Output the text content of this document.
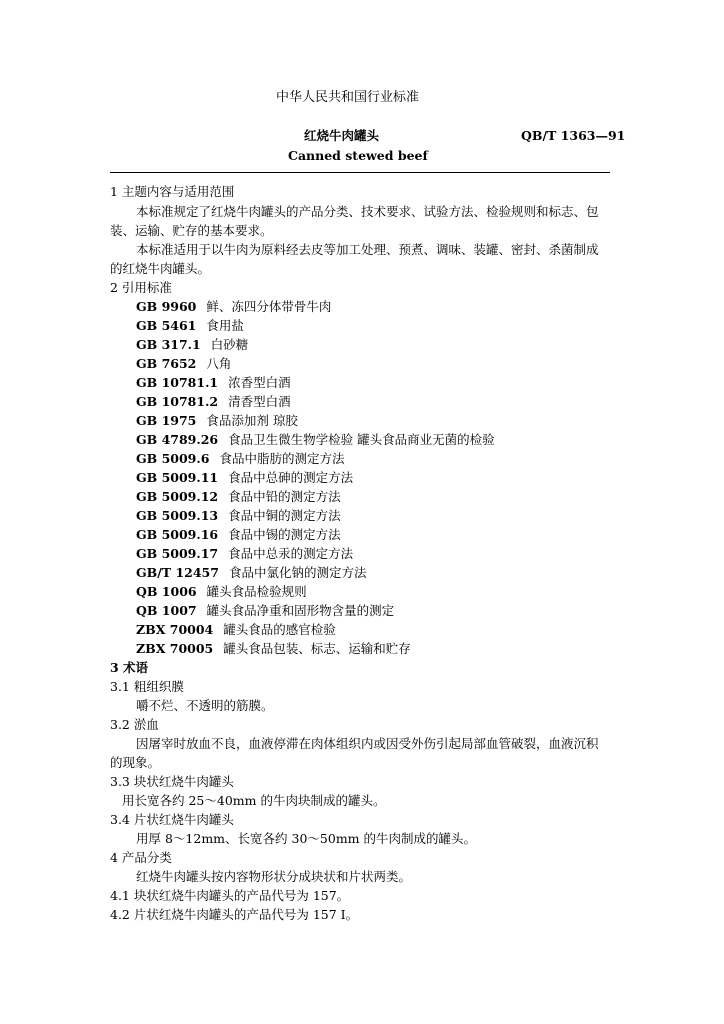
中华人民共和国行业标准
红烧牛肉罐头	QB/T 1363—91
Canned stewed beef
1 主题内容与适用范围
本标准规定了红烧牛肉罐头的产品分类、技术要求、试验方法、检验规则和标志、包
装、运输、贮存的基本要求。
本标准适用于以牛肉为原料经去皮等加工处理、预煮、调味、装罐、密封、杀菌制成
的红烧牛肉罐头。
2 引用标准
GB 9960 鲜、冻四分体带骨牛肉
GB 5461 食用盐
GB 317.1 白砂糖
GB 7652 八角
GB 10781.1 浓香型白酒
GB 10781.2 清香型白酒
GB 1975 食品添加剂 琼胶
GB 4789.26 食品卫生微生物学检验 罐头食品商业无菌的检验
GB 5009.6 食品中脂肪的测定方法
GB 5009.11 食品中总砷的测定方法
GB 5009.12 食品中铅的测定方法
GB 5009.13 食品中铜的测定方法
GB 5009.16 食品中锡的测定方法
GB 5009.17 食品中总汞的测定方法
GB/T 12457 食品中氯化钠的测定方法
QB 1006 罐头食品检验规则
QB 1007 罐头食品净重和固形物含量的测定
ZBX 70004 罐头食品的感官检验
ZBX 70005 罐头食品包装、标志、运输和贮存
3 术语
3.1 粗组织膜
嚼不烂、不透明的筋膜。
3.2 淤血
因屠宰时放血不良，血液停滞在肉体组织内或因受外伤引起局部血管破裂，血液沉积
的现象。
3.3 块状红烧牛肉罐头
用长宽各约 25～40mm 的牛肉块制成的罐头。
3.4 片状红烧牛肉罐头
用厚 8～12mm、长宽各约 30～50mm 的牛肉制成的罐头。
4 产品分类
红烧牛肉罐头按内容物形状分成块状和片状两类。
4.1 块状红烧牛肉罐头的产品代号为 157。
4.2 片状红烧牛肉罐头的产品代号为 157 I。
